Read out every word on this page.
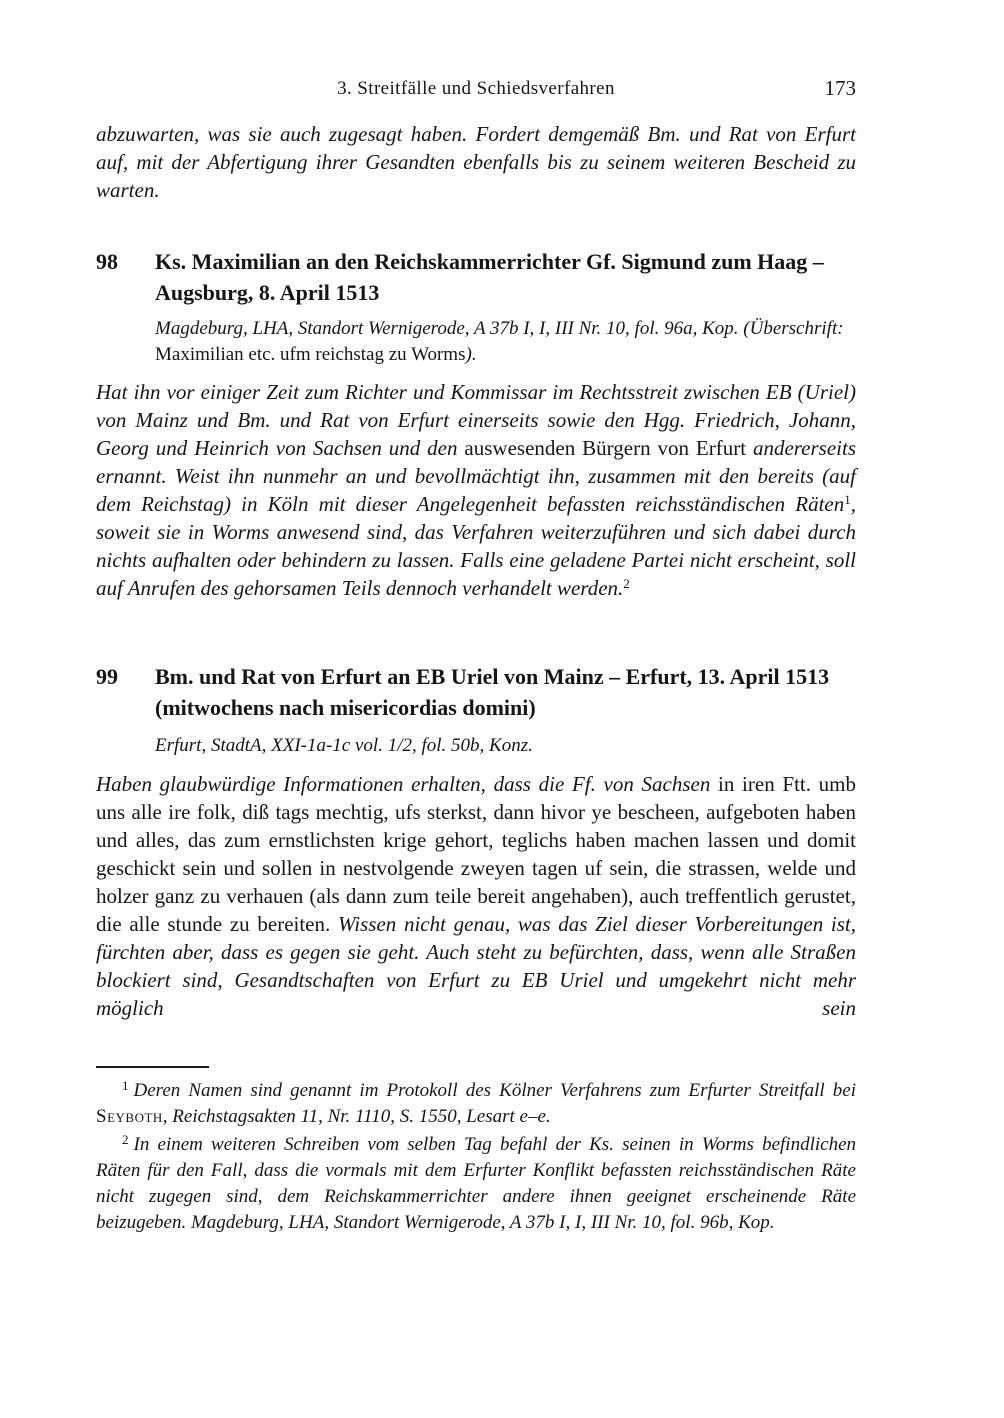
3. Streitfälle und Schiedsverfahren	173

abzuwarten, was sie auch zugesagt haben. Fordert demgemäß Bm. und Rat von Erfurt auf, mit der Abfertigung ihrer Gesandten ebenfalls bis zu seinem weiteren Bescheid zu warten.

98 Ks. Maximilian an den Reichskammerrichter Gf. Sigmund zum Haag – Augsburg, 8. April 1513

Magdeburg, LHA, Standort Wernigerode, A 37b I, I, III Nr. 10, fol. 96a, Kop. (Überschrift: Maximilian etc. ufm reichstag zu Worms).

Hat ihn vor einiger Zeit zum Richter und Kommissar im Rechtsstreit zwischen EB (Uriel) von Mainz und Bm. und Rat von Erfurt einerseits sowie den Hgg. Friedrich, Johann, Georg und Heinrich von Sachsen und den auswesenden Bürgern von Erfurt andererseits ernannt. Weist ihn nunmehr an und bevollmächtigt ihn, zusammen mit den bereits (auf dem Reichstag) in Köln mit dieser Angelegenheit befassten reichsständischen Räten$^1$, soweit sie in Worms anwesend sind, das Verfahren weiterzuführen und sich dabei durch nichts aufhalten oder behindern zu lassen. Falls eine geladene Partei nicht erscheint, soll auf Anrufen des gehorsamen Teils dennoch verhandelt werden.$^2$

99 Bm. und Rat von Erfurt an EB Uriel von Mainz – Erfurt, 13. April 1513 (mitwochens nach misericordias domini)

Erfurt, StadtA, XXI-1a-1c vol. 1/2, fol. 50b, Konz.

Haben glaubwürdige Informationen erhalten, dass die Ff. von Sachsen in iren Ftt. umb uns alle ire folk, diß tags mechtig, ufs sterkst, dann hivor ye bescheen, aufgeboten haben und alles, das zum ernstlichsten krige gehort, teglichs haben machen lassen und domit geschickt sein und sollen in nestvolgende zweyen tagen uf sein, die strassen, welde und holzer ganz zu verhauen (als dann zum teile bereit angehaben), auch treffentlich gerustet, die alle stunde zu bereiten. Wissen nicht genau, was das Ziel dieser Vorbereitungen ist, fürchten aber, dass es gegen sie geht. Auch steht zu befürchten, dass, wenn alle Straßen blockiert sind, Gesandtschaften von Erfurt zu EB Uriel und umgekehrt nicht mehr möglich sein

$^1$ Deren Namen sind genannt im Protokoll des Kölner Verfahrens zum Erfurter Streitfall bei Seyboth, Reichstagsakten 11, Nr. 1110, S. 1550, Lesart e–e.

$^2$ In einem weiteren Schreiben vom selben Tag befahl der Ks. seinen in Worms befindlichen Räten für den Fall, dass die vormals mit dem Erfurter Konflikt befassten reichsständischen Räte nicht zugegen sind, dem Reichskammerrichter andere ihnen geeignet erscheinende Räte beizugeben. Magdeburg, LHA, Standort Wernigerode, A 37b I, I, III Nr. 10, fol. 96b, Kop.
